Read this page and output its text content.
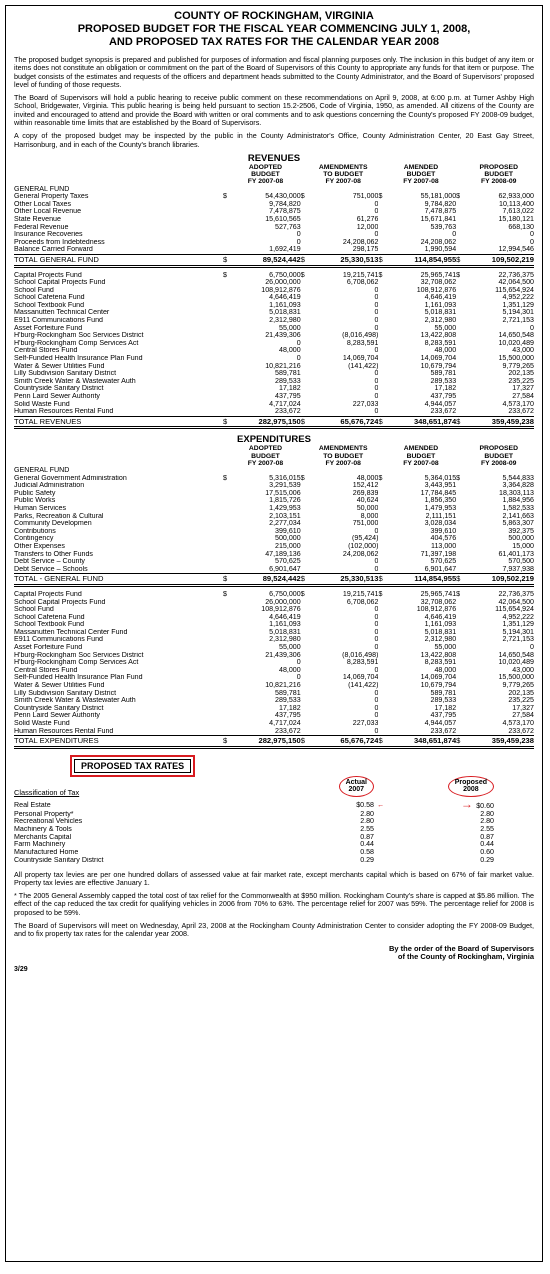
COUNTY OF ROCKINGHAM, VIRGINIA
PROPOSED BUDGET FOR THE FISCAL YEAR COMMENCING JULY 1, 2008,
AND PROPOSED TAX RATES FOR THE CALENDAR YEAR 2008

The proposed budget synopsis is prepared and published for purposes of information and fiscal planning purposes only. The inclusion in this budget of any item or items does not constitute an obligation or commitment on the part of the Board of Supervisors of this County to appropriate any funds for that item or purpose. The budget consists of the estimates and requests of the officers and department heads submitted to the County Administrator, and the Board of Supervisors' proposed level of funding of those requests.

The Board of Supervisors will hold a public hearing to receive public comment on these recommendations on April 9, 2008, at 6:00 p.m. at Turner Ashby High School, Bridgewater, Virginia. This public hearing is being held pursuant to section 15.2-2506, Code of Virginia, 1950, as amended. All citizens of the County are invited and encouraged to attend and provide the Board with written or oral comments and to ask questions concerning the County's proposed FY 2008-09 budget, within reasonable time limits that are established by the Board of Supervisors.

A copy of the proposed budget may be inspected by the public in the County Administrator's Office, County Administration Center, 20 East Gay Street, Harrisonburg, and in each of the County's branch libraries.

REVENUES
		ADOPTED
BUDGET
FY 2007-08		AMENDMENTS
TO BUDGET
FY 2007-08		AMENDED
BUDGET
FY 2007-08		PROPOSED
BUDGET
FY 2008-09
GENERAL FUND								
General Property Taxes	$	54,430,000	$	751,000	$	55,181,000	$	62,933,000
Other Local Taxes		9,784,820		0		9,784,820		10,113,400
Other Local Revenue		7,478,875		0		7,478,875		7,613,022
State Revenue		15,610,565		61,276		15,671,841		15,180,121
Federal Revenue		527,763		12,000		539,763		668,130
Insurance Recoveries		0		0		0		0
Proceeds from Indebtedness		0		24,208,062		24,208,062		0
Balance Carried Forward		1,692,419		298,175		1,990,594		12,994,546
TOTAL GENERAL FUND	$	89,524,442	$	25,330,513	$	114,854,955	$	109,502,219

Capital Projects Fund	$	6,750,000	$	19,215,741	$	25,965,741	$	22,736,375
School Capital Projects Fund		26,000,000		6,708,062		32,708,062		42,064,500
School Fund		108,912,876		0		108,912,876		115,654,924
School Cafeteria Fund		4,646,419		0		4,646,419		4,952,222
School Textbook Fund		1,161,093		0		1,161,093		1,351,129
Massanutten Technical Center		5,018,831		0		5,018,831		5,194,301
E911 Communications Fund		2,312,980		0		2,312,980		2,721,153
Asset Forfeiture Fund		55,000		0		55,000		0
H'burg-Rockingham Soc Services District		21,439,306		(8,016,498)		13,422,808		14,650,548
H'burg-Rockingham Comp Services Act		0		8,283,591		8,283,591		10,020,489
Central Stores Fund		48,000		0		48,000		43,000
Self-Funded Health Insurance Plan Fund		0		14,069,704		14,069,704		15,500,000
Water & Sewer Utilities Fund		10,821,216		(141,422)		10,679,794		9,779,265
Lilly Subdivision Sanitary District		589,781		0		589,781		202,135
Smith Creek Water & Wastewater Auth		289,533		0		289,533		235,225
Countryside Sanitary District		17,182		0		17,182		17,327
Penn Laird Sewer Authority		437,795		0		437,795		27,584
Solid Waste Fund		4,717,024		227,033		4,944,057		4,573,170
Human Resources Rental Fund		233,672		0		233,672		233,672
TOTAL REVENUES	$	282,975,150	$	65,676,724	$	348,651,874	$	359,459,238
EXPENDITURES
		ADOPTED
BUDGET
FY 2007-08		AMENDMENTS
TO BUDGET
FY 2007-08		AMENDED
BUDGET
FY 2007-08		PROPOSED
BUDGET
FY 2008-09
GENERAL FUND								
General Government Administration	$	5,316,015	$	48,000	$	5,364,015	$	5,544,833
Judicial Administration		3,291,539		152,412		3,443,951		3,364,828
Public Safety		17,515,006		269,839		17,784,845		18,303,113
Public Works		1,815,726		40,624		1,856,350		1,884,956
Human Services		1,429,953		50,000		1,479,953		1,582,533
Parks, Recreation & Cultural		2,103,151		8,000		2,111,151		2,141,663
Community Developmen		2,277,034		751,000		3,028,034		5,863,307
Contributions		399,610		0		399,610		392,375
Contingency		500,000		(95,424)		404,576		500,000
Other Expenses		215,000		(102,000)		113,000		15,000
Transfers to Other Funds		47,189,136		24,208,062		71,397,198		61,401,173
Debt Service – County		570,625		0		570,625		570,500
Debt Service – Schools		6,901,647		0		6,901,647		7,937,938
TOTAL - GENERAL FUND	$	89,524,442	$	25,330,513	$	114,854,955	$	109,502,219

Capital Projects Fund	$	6,750,000	$	19,215,741	$	25,965,741	$	22,736,375
School Capital Projects Fund		26,000,000		6,708,062		32,708,062		42,064,500
School Fund		108,912,876		0		108,912,876		115,654,924
School Cafeteria Fund		4,646,419		0		4,646,419		4,952,222
School Textbook Fund		1,161,093		0		1,161,093		1,351,129
Massanutten Technical Center Fund		5,018,831		0		5,018,831		5,194,301
E911 Communications Fund		2,312,980		0		2,312,980		2,721,153
Asset Forfeiture Fund		55,000		0		55,000		0
H'burg-Rockingham Soc Services District		21,439,306		(8,016,498)		13,422,808		14,650,548
H'burg-Rockingham Comp Services Act		0		8,283,591		8,283,591		10,020,489
Central Stores Fund		48,000		0		48,000		43,000
Self-Funded Health Insurance Plan Fund		0		14,069,704		14,069,704		15,500,000
Water & Sewer Utilities Fund		10,821,216		(141,422)		10,679,794		9,779,265
Lilly Subdivision Sanitary District		589,781		0		589,781		202,135
Smith Creek Water & Wastewater Auth		289,533		0		289,533		235,225
Countryside Sanitary District		17,182		0		17,182		17,327
Penn Laird Sewer Authority		437,795		0		437,795		27,584
Solid Waste Fund		4,717,024		227,033		4,944,057		4,573,170
Human Resources Rental Fund		233,672		0		233,672		233,672
TOTAL EXPENDITURES	$	282,975,150	$	65,676,724	$	348,651,874	$	359,459,238
PROPOSED TAX RATES
Classification of Tax	Actual
2007		Proposed
2008

Real Estate	$0.58	←	→ $0.60
Personal Property*	2.80		2.80
Recreational Vehicles	2.80		2.80
Machinery & Tools	2.55		2.55
Merchants Capital	0.87		0.87
Farm Machinery	0.44		0.44
Manufactured Home	0.58		0.60
Countryside Sanitary District	0.29		0.29

All property tax levies are per one hundred dollars of assessed value at fair market rate, except merchants capital which is based on 67% of fair market value. Property tax levies are effective January 1.

* The 2005 General Assembly capped the total cost of tax relief for the Commonwealth at $950 million. Rockingham County's share is capped at $5.86 million. The effect of the cap reduced the tax credit for qualifying vehicles in 2006 from 70% to 63%. The percentage relief for 2007 was 59%. The percentage relief for 2008 is proposed to be 59%.

The Board of Supervisors will meet on Wednesday, April 23, 2008 at the Rockingham County Administration Center to consider adopting the FY 2008-09 Budget, and to fix property tax rates for the calendar year 2008.

By the order of the Board of Supervisors
of the County of Rockingham, Virginia
3/29
